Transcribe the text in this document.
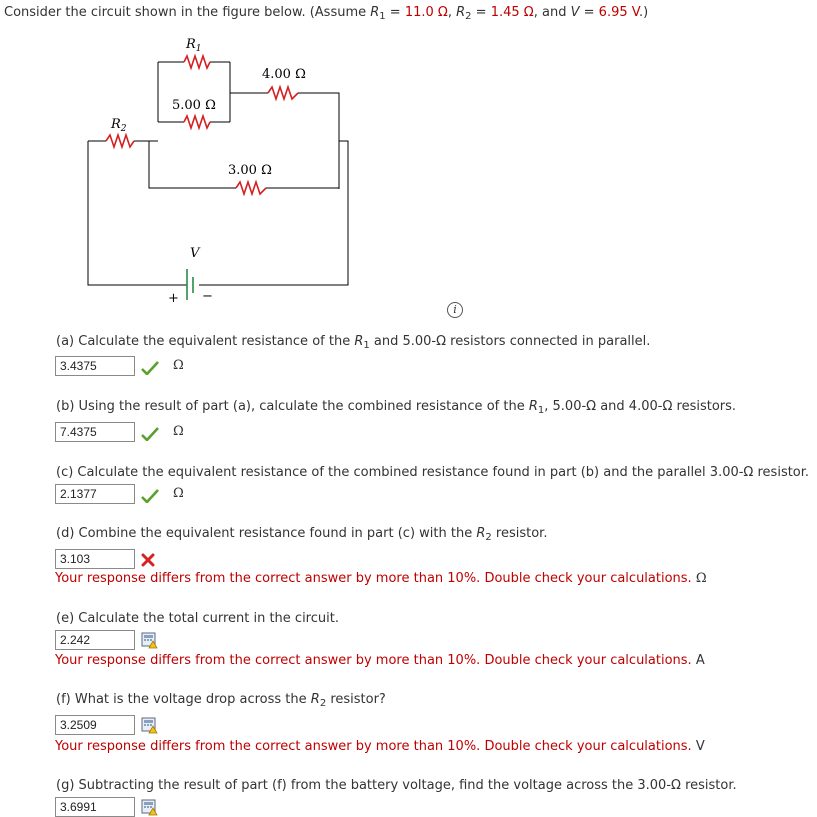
Consider the circuit shown in the figure below. (Assume $R_1 = 11.0$ Ω, $R_2 = 1.45$ Ω, and V = 6.95 V.)
$R_1$
4.00 Ω
5.00 Ω
$R_2$
3.00 Ω
V
+ −
i
(a) Calculate the equivalent resistance of the $R_1$ and 5.00-Ω resistors connected in parallel.
3.4375	Ω
(b) Using the result of part (a), calculate the combined resistance of the $R_1$, 5.00-Ω and 4.00-Ω resistors.
7.4375	Ω
(c) Calculate the equivalent resistance of the combined resistance found in part (b) and the parallel 3.00-Ω resistor.
2.1377	Ω
(d) Combine the equivalent resistance found in part (c) with the $R_2$ resistor.
3.103
Your response differs from the correct answer by more than 10%. Double check your calculations. Ω
(e) Calculate the total current in the circuit.
2.242
Your response differs from the correct answer by more than 10%. Double check your calculations. A
(f) What is the voltage drop across the $R_2$ resistor?
3.2509
Your response differs from the correct answer by more than 10%. Double check your calculations. V
(g) Subtracting the result of part (f) from the battery voltage, find the voltage across the 3.00-Ω resistor.
3.6991
